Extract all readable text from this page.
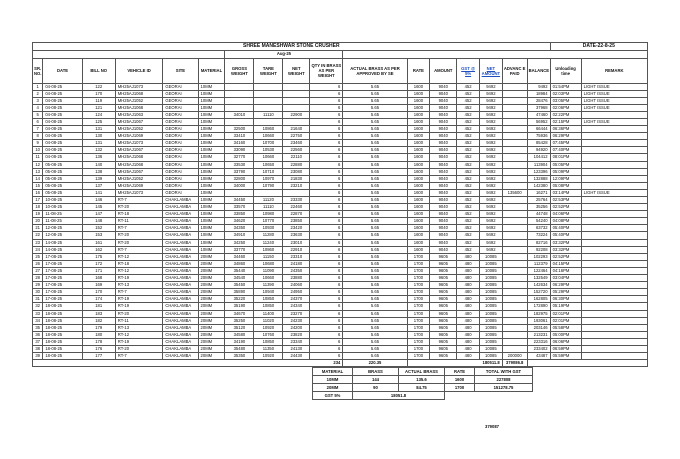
SHREE MANESHWAR STONE CRUSHER																	DATE-22-8-25	
						Aug-25												
SR. NO.	DATE	BILL NO	VEHICLE ID	SITE	MATERIAL	GROSS WEIGHT	TARE WEIGHT	NET WEIGHT	QTY IN BRASS AS PER WEIGHT	ACTUAL BRASS AS PER APPROVED BY SE	RATE	AMOUNT	GST @ 5%	NET AMOUNT	ADVANC E PAID	BALANCE	Unloading time	REMARK
1	04-08-25	122	MH25AJ1073	GEORAI	10MM				6	5.65	1600	9040	452	9492		9492	01:54PM	LIGHT ISSUE
2	04-08-25	170	MH25AJ1068	GEORAI	10MM				6	5.65	1600	9040	452	9492		18984	02:03PM	LIGHT ISSUE
3	04-08-25	119	MH25AJ1052	GEORAI	10MM				6	5.65	1600	9040	452	9492		28476	03:05PM	LIGHT ISSUE
4	04-08-25	121	MH25AJ1068	GEORAI	10MM				6	5.65	1600	9040	452	9492		37968	02:06PM	LIGHT ISSUE
5	04-08-25	124	MH25AJ1063	GEORAI	10MM	34010	11110	22900	6	5.65	1600	9040	452	9492		47460	02:22PM	
6	04-08-25	125	MH25AJ1067	GEORAI	10MM				6	5.65	1600	9040	452	9492		56952	02:15PM	LIGHT ISSUE
7	04-08-25	131	MH25AJ1052	GEORAI	10MM	32500	10860	21640	6	5.65	1600	9040	452	9492		66444	06:36PM	
8	04-08-25	130	MH25AJ1069	GEORAI	10MM	33410	10660	22750	6	5.65	1600	9040	452	9492		75936	06:29PM	
9	04-08-25	131	MH25AJ1073	GEORAI	10MM	34160	10700	23460	6	5.65	1600	9040	452	9492		85428	07:45PM	
10	04-08-25	132	MH25AJ1067	GEORAI	10MM	33090	10530	22560	6	5.65	1600	9040	452	9492		94920	07:40PM	
11	04-08-25	136	MH25AJ1068	GEORAI	10MM	32770	10660	22110	6	5.65	1600	9040	452	9492		104412	08:01PM	
12	05-08-25	140	MH25AJ1068	GEORAI	10MM	33530	10650	22880	6	5.65	1600	9040	452	9492		113904	05:05PM	
13	05-08-25	138	MH25AJ1067	GEORAI	10MM	33790	10710	23080	6	5.65	1600	9040	452	9492		123396	05:09PM	
14	05-08-25	139	MH25AJ1052	GEORAI	10MM	32800	10970	21830	6	5.65	1600	9040	452	9492		132888	12:09PM	
15	05-08-25	137	MH25AJ1069	GEORAI	10MM	34000	10790	23210	6	5.65	1600	9040	452	9492		142380	05:08PM	
16	05-08-25	141	MH25AJ1073	GEORAI	10MM				6	5.65	1600	9040	452	9492	135600	16271	03:14PM	LIGHT ISSUE
17	10-08-25	146	RT-7	CHAKLAMBA	10MM	34450	11120	23330	6	5.65	1600	9040	452	9492		25764	02:53PM	
18	10-08-25	145	RT-20	CHAKLAMBA	10MM	33570	11110	22460	6	5.65	1600	9040	452	9492		35256	02:52PM	
19	11-08-25	147	RT-18	CHAKLAMBA	10MM	33850	10980	22870	6	5.65	1600	9040	452	9492		44748	04:06PM	
20	11-08-25	148	RT-11	CHAKLAMBA	10MM	34620	10770	23850	6	5.65	1600	9040	452	9492		54240	04:08PM	
21	12-08-25	152	RT-7	CHAKLAMBA	10MM	34350	10930	23420	6	5.65	1600	9040	452	9492		63732	05:40PM	
22	12-08-25	153	RT-20	CHAKLAMBA	10MM	34910	11280	23630	6	5.65	1600	9040	452	9492		73224	05:40PM	
23	14-08-25	161	RT-20	CHAKLAMBA	10MM	34250	11240	23010	6	5.65	1600	9040	452	9492		82716	03:32PM	
24	14-08-25	162	RT-7	CHAKLAMBA	10MM	33770	10860	22910	6	5.65	1600	9040	452	9492		92208	03:32PM	
25	17-08-25	175	RT-12	CHAKLAMBA	20MM	34460	11150	23310	6	5.65	1700	9605	480	10085		102293	02:52PM	
26	17-08-25	172	RT-18	CHAKLAMBA	20MM	34860	10680	24180	6	5.65	1700	9605	480	10085		112379	04:15PM	
27	17-08-25	171	RT-12	CHAKLAMBA	20MM	35440	11090	24350	6	5.65	1700	9605	480	10085		122464	04:16PM	
28	17-08-25	168	RT-19	CHAKLAMBA	20MM	34540	10660	23880	6	5.65	1700	9605	480	10085		132549	03:04PM	
29	17-08-25	169	RT-13	CHAKLAMBA	20MM	35450	11390	24060	6	5.65	1700	9605	480	10085		142634	06:29PM	
30	17-08-25	170	RT-7	CHAKLAMBA	20MM	35890	10940	24950	6	5.65	1700	9605	480	10085		152720	05:29PM	
31	17-08-25	174	RT-19	CHAKLAMBA	20MM	35220	10850	24370	6	5.65	1700	9605	480	10085		162805	06:30PM	
32	18-08-25	181	RT-19	CHAKLAMBA	20MM	35190	10850	24340	6	5.65	1700	9605	480	10085		172890	05:19PM	
33	18-08-25	183	RT-20	CHAKLAMBA	20MM	34670	11400	23270	6	5.65	1700	9605	480	10085		182975	02:01PM	
34	18-08-25	182	RT-11	CHAKLAMBA	20MM	35250	11020	24230	6	5.65	1700	9605	480	10085		193061	02:01PM	
35	18-08-25	179	RT-13	CHAKLAMBA	20MM	35120	10920	24200	6	5.65	1700	9605	480	10085		203146	05:58PM	
36	18-08-25	180	RT-12	CHAKLAMBA	20MM	34580	10760	23820	6	5.65	1700	9605	480	10085		213231	05:00PM	
37	18-08-25	178	RT-19	CHAKLAMBA	20MM	34190	10850	23340	6	5.65	1700	9605	480	10085		223316	06:06PM	
38	18-08-25	176	RT-20	CHAKLAMBA	20MM	35480	11350	24130	6	5.65	1700	9605	480	10085		233402	06:59PM	
39	18-08-25	177	RT-7	CHAKLAMBA	20MM	35350	10920	24430	6	5.65	1700	9605	480	10085	200000	43487	05:59PM	
234										220.35	180511.8				379086.8			
MATERIAL	BRASS	ACTUAL BRASS	RATE	TOTAL WITH GST
10MM	144	135.6	1600	227808
20MM	90	84.75	1700	151278.75
GST 5%	18051.8			
379087
